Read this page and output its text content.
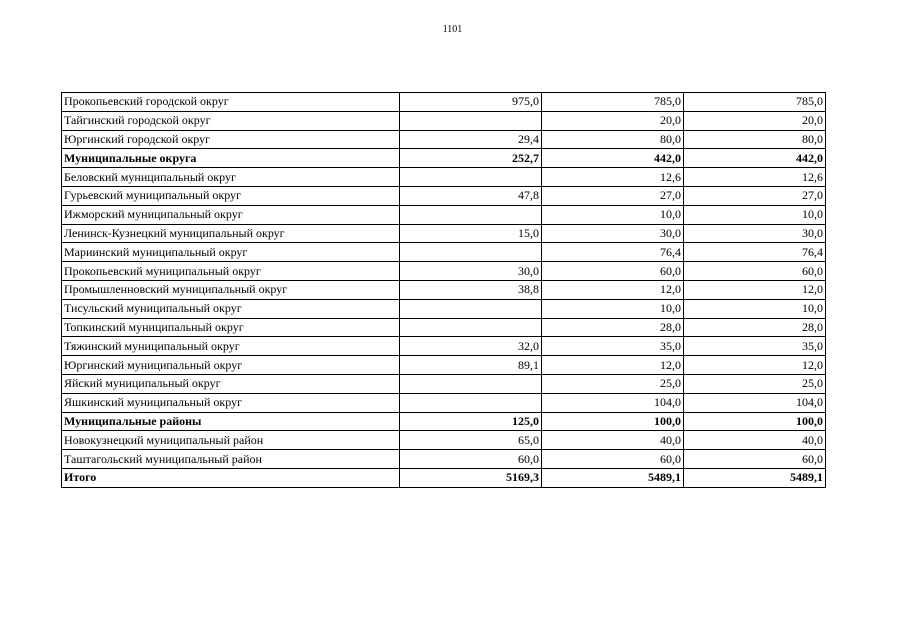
1101
Прокопьевский городской округ	975,0	785,0	785,0
Тайгинский городской округ		20,0	20,0
Юргинский городской округ	29,4	80,0	80,0
Муниципальные округа	252,7	442,0	442,0
Беловский муниципальный округ		12,6	12,6
Гурьевский муниципальный округ	47,8	27,0	27,0
Ижморский муниципальный округ		10,0	10,0
Ленинск-Кузнецкий муниципальный округ	15,0	30,0	30,0
Мариинский муниципальный округ		76,4	76,4
Прокопьевский муниципальный округ	30,0	60,0	60,0
Промышленновский муниципальный округ	38,8	12,0	12,0
Тисульский муниципальный округ		10,0	10,0
Топкинский муниципальный округ		28,0	28,0
Тяжинский муниципальный округ	32,0	35,0	35,0
Юргинский муниципальный округ	89,1	12,0	12,0
Яйский муниципальный округ		25,0	25,0
Яшкинский муниципальный округ		104,0	104,0
Муниципальные районы	125,0	100,0	100,0
Новокузнецкий муниципальный район	65,0	40,0	40,0
Таштагольский муниципальный район	60,0	60,0	60,0
Итого	5169,3	5489,1	5489,1
